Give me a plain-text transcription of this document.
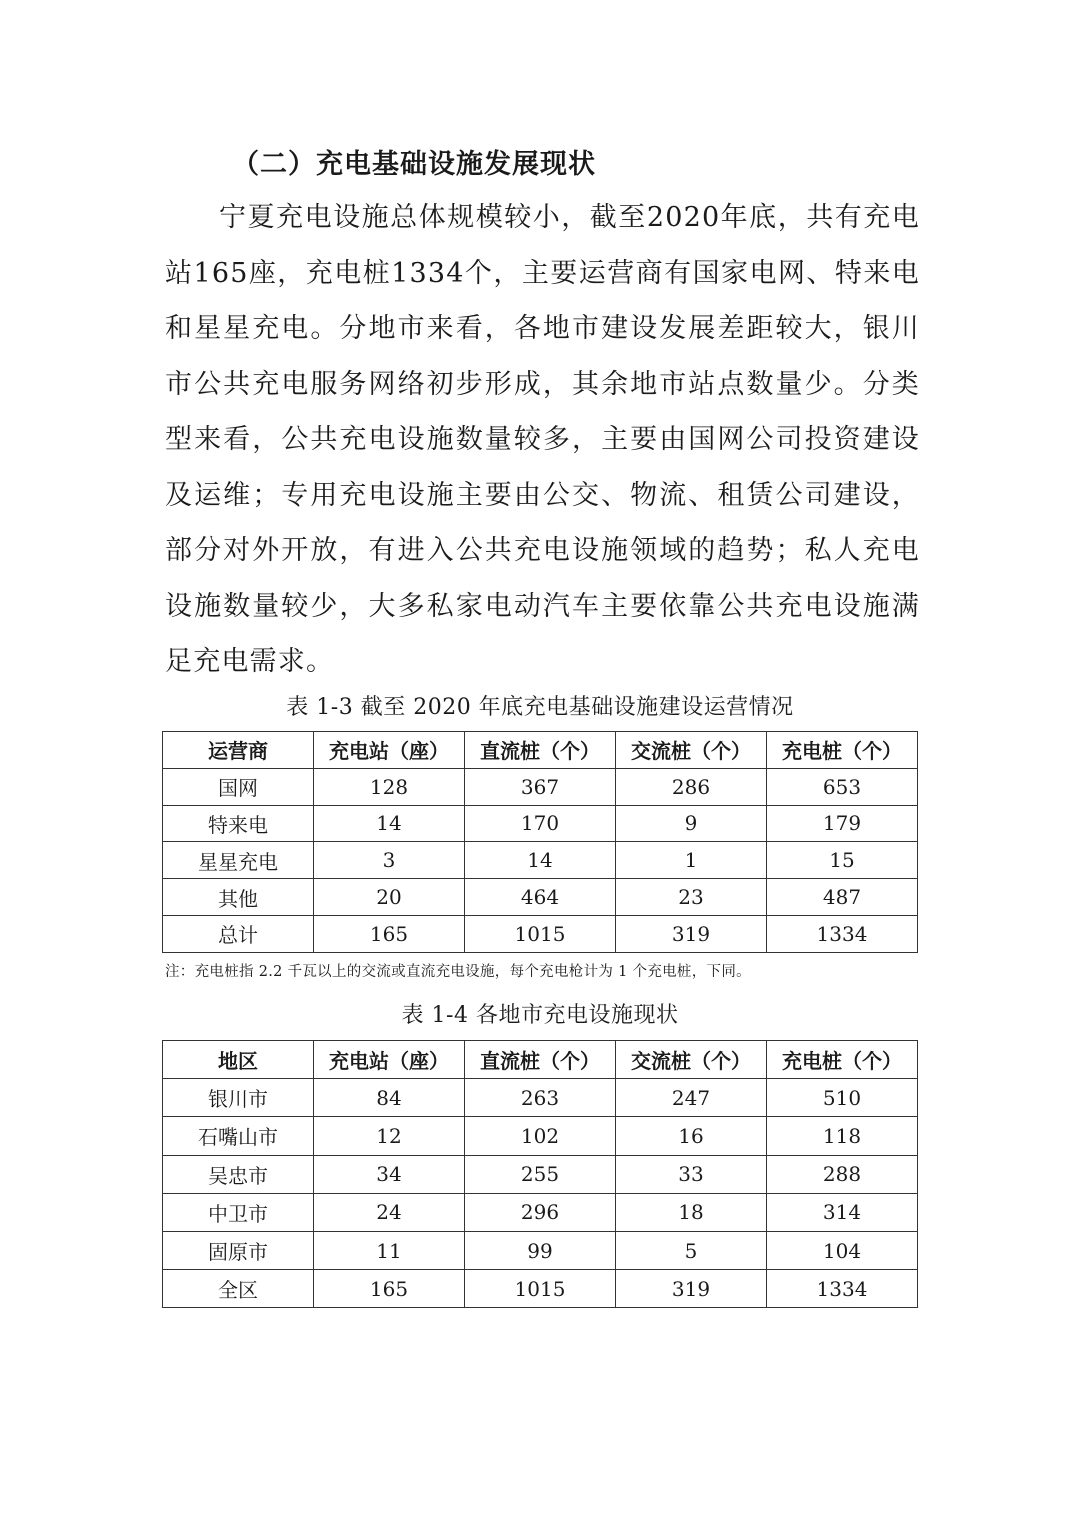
（二）充电基础设施发展现状

宁夏充电设施总体规模较小，截至2020年底，共有充电站165座，充电桩1334个，主要运营商有国家电网、特来电和星星充电。分地市来看，各地市建设发展差距较大，银川市公共充电服务网络初步形成，其余地市站点数量少。分类型来看，公共充电设施数量较多，主要由国网公司投资建设及运维；专用充电设施主要由公交、物流、租赁公司建设，部分对外开放，有进入公共充电设施领域的趋势；私人充电设施数量较少，大多私家电动汽车主要依靠公共充电设施满足充电需求。

表 1-3 截至 2020 年底充电基础设施建设运营情况
运营商	充电站（座）	直流桩（个）	交流桩（个）	充电桩（个）
国网	128	367	286	653
特来电	14	170	9	179
星星充电	3	14	1	15
其他	20	464	23	487
总计	165	1015	319	1334
注：充电桩指 2.2 千瓦以上的交流或直流充电设施，每个充电枪计为 1 个充电桩，下同。
表 1-4 各地市充电设施现状
地区	充电站（座）	直流桩（个）	交流桩（个）	充电桩（个）
银川市	84	263	247	510
石嘴山市	12	102	16	118
吴忠市	34	255	33	288
中卫市	24	296	18	314
固原市	11	99	5	104
全区	165	1015	319	1334
